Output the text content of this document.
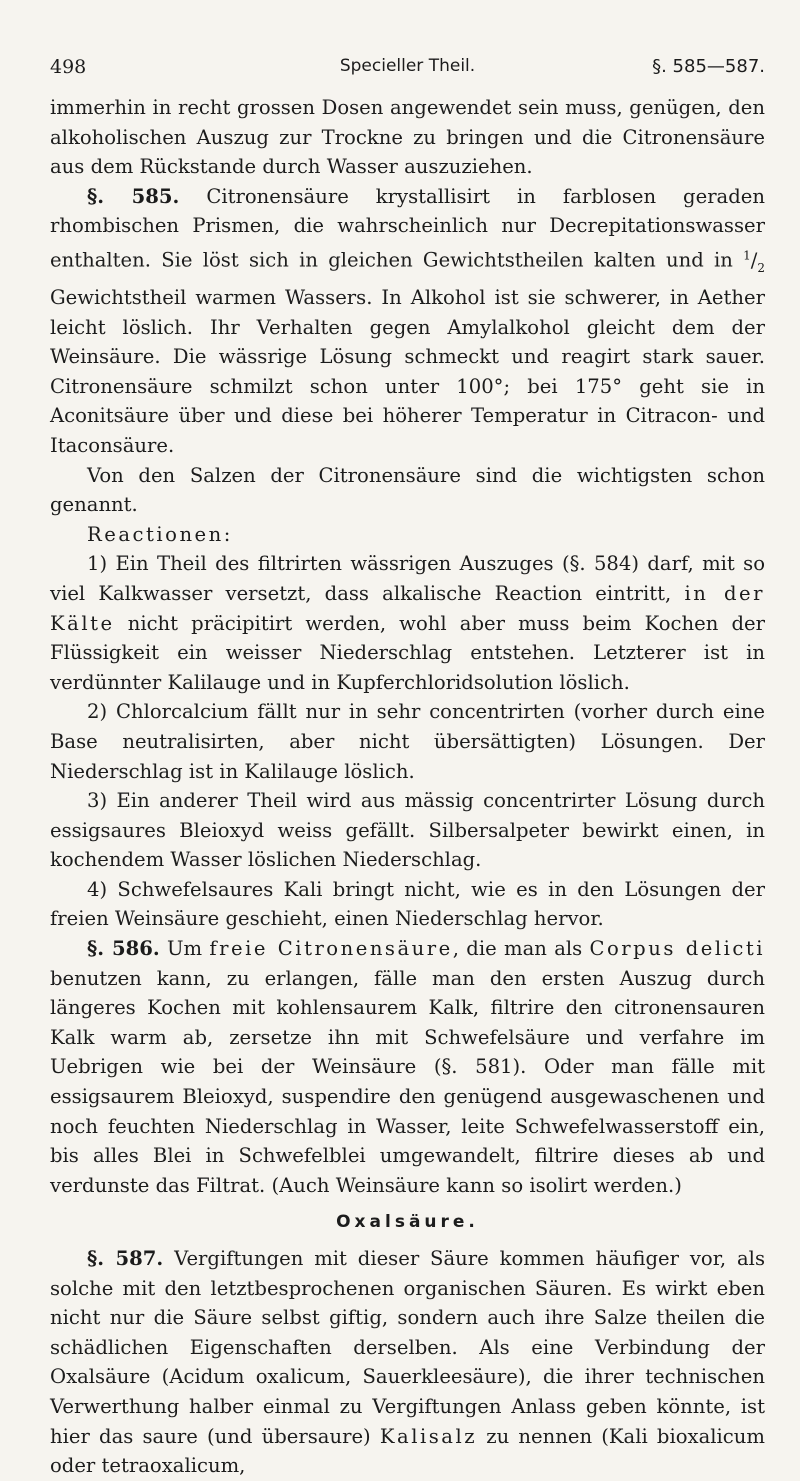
498	Specieller Theil.	§. 585—587.

immerhin in recht grossen Dosen angewendet sein muss, genügen, den alkoholischen Auszug zur Trockne zu bringen und die Citronensäure aus dem Rückstande durch Wasser auszuziehen.

§. 585. Citronensäure krystallisirt in farblosen geraden rhombischen Prismen, die wahrscheinlich nur Decrepitationswasser enthalten. Sie löst sich in gleichen Gewichtstheilen kalten und in $^1/_2$ Gewichtstheil warmen Wassers. In Alkohol ist sie schwerer, in Aether leicht löslich. Ihr Verhalten gegen Amylalkohol gleicht dem der Weinsäure. Die wässrige Lösung schmeckt und reagirt stark sauer. Citronensäure schmilzt schon unter 100°; bei 175° geht sie in Aconitsäure über und diese bei höherer Temperatur in Citracon- und Itaconsäure.

Von den Salzen der Citronensäure sind die wichtigsten schon genannt.

Reactionen:

1) Ein Theil des filtrirten wässrigen Auszuges (§. 584) darf, mit so viel Kalkwasser versetzt, dass alkalische Reaction eintritt, in der Kälte nicht präcipitirt werden, wohl aber muss beim Kochen der Flüssigkeit ein weisser Niederschlag entstehen. Letzterer ist in verdünnter Kalilauge und in Kupferchloridsolution löslich.

2) Chlorcalcium fällt nur in sehr concentrirten (vorher durch eine Base neutralisirten, aber nicht übersättigten) Lösungen. Der Niederschlag ist in Kalilauge löslich.

3) Ein anderer Theil wird aus mässig concentrirter Lösung durch essigsaures Bleioxyd weiss gefällt. Silbersalpeter bewirkt einen, in kochendem Wasser löslichen Niederschlag.

4) Schwefelsaures Kali bringt nicht, wie es in den Lösungen der freien Weinsäure geschieht, einen Niederschlag hervor.

§. 586. Um freie Citronensäure, die man als Corpus delicti benutzen kann, zu erlangen, fälle man den ersten Auszug durch längeres Kochen mit kohlensaurem Kalk, filtrire den citronensauren Kalk warm ab, zersetze ihn mit Schwefelsäure und verfahre im Uebrigen wie bei der Weinsäure (§. 581). Oder man fälle mit essigsaurem Bleioxyd, suspendire den genügend ausgewaschenen und noch feuchten Niederschlag in Wasser, leite Schwefelwasserstoff ein, bis alles Blei in Schwefelblei umgewandelt, filtrire dieses ab und verdunste das Filtrat. (Auch Weinsäure kann so isolirt werden.)

Oxalsäure.

§. 587. Vergiftungen mit dieser Säure kommen häufiger vor, als solche mit den letztbesprochenen organischen Säuren. Es wirkt eben nicht nur die Säure selbst giftig, sondern auch ihre Salze theilen die schädlichen Eigenschaften derselben. Als eine Verbindung der Oxalsäure (Acidum oxalicum, Sauerkleesäure), die ihrer technischen Verwerthung halber einmal zu Vergiftungen Anlass geben könnte, ist hier das saure (und übersaure) Kalisalz zu nennen (Kali bioxalicum oder tetraoxalicum,
